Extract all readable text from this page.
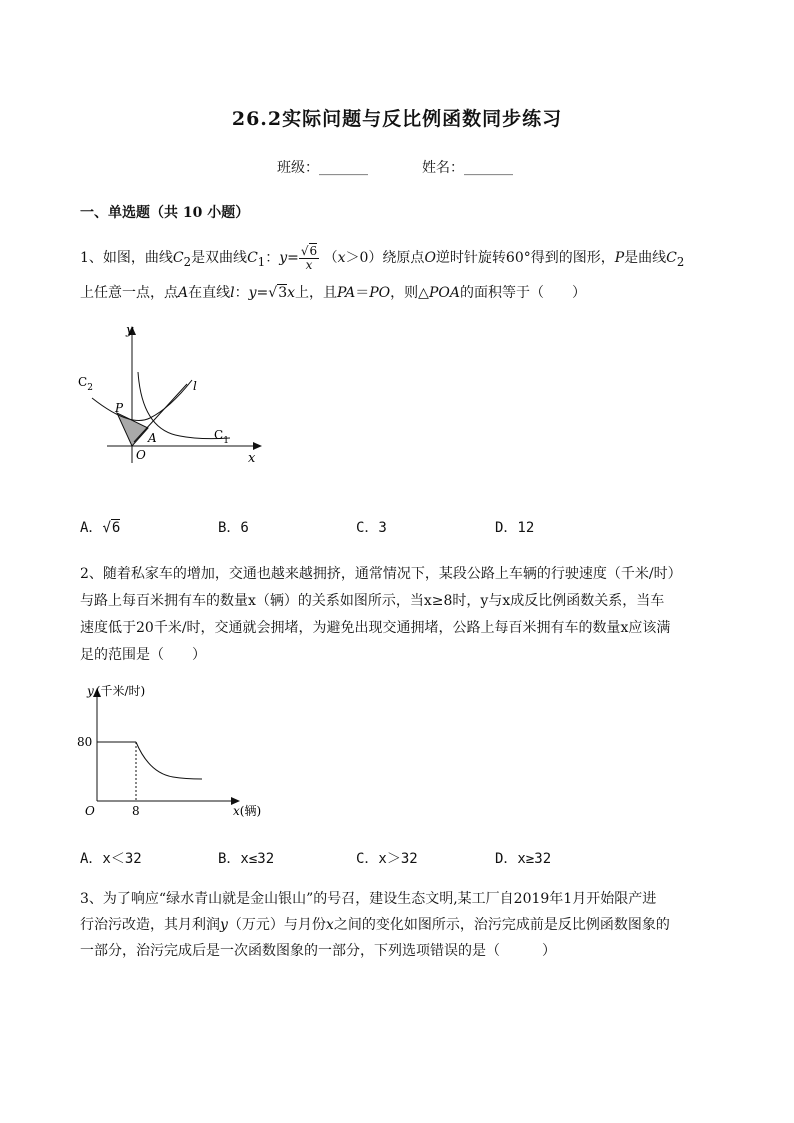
26.2实际问题与反比例函数同步练习
班级：_______	姓名：_______
一、单选题（共 10 小题）
1、如图，曲线$C_2$是双曲线$C_1$：$y= \frac{√6}{x} (x>0)$绕原点O逆时针旋转60°得到的图形，P是曲线$C_2$
上任意一点，点A在直线l：y=√3x上，且PA＝PO，则△POA的面积等于（　　）
y
x
O
$C_2$
$C_1$
l
P
A
A．√6	B．6	C．3	D．12
2、随着私家车的增加，交通也越来越拥挤，通常情况下，某段公路上车辆的行驶速度（千米/时）
与路上每百米拥有车的数量x（辆）的关系如图所示，当x≥8时，y与x成反比例函数关系，当车
速度低于20千米/时，交通就会拥堵，为避免出现交通拥堵，公路上每百米拥有车的数量x应该满
足的范围是（　　）
y (千米/时)
80
8
O	x(辆)
A．x＜32	B．x≤32	C．x＞32	D．x≥32
3、为了响应“绿水青山就是金山银山”的号召，建设生态文明,某工厂自2019年1月开始限产进
行治污改造，其月利润y（万元）与月份x之间的变化如图所示，治污完成前是反比例函数图象的
一部分，治污完成后是一次函数图象的一部分，下列选项错误的是（　　　）
